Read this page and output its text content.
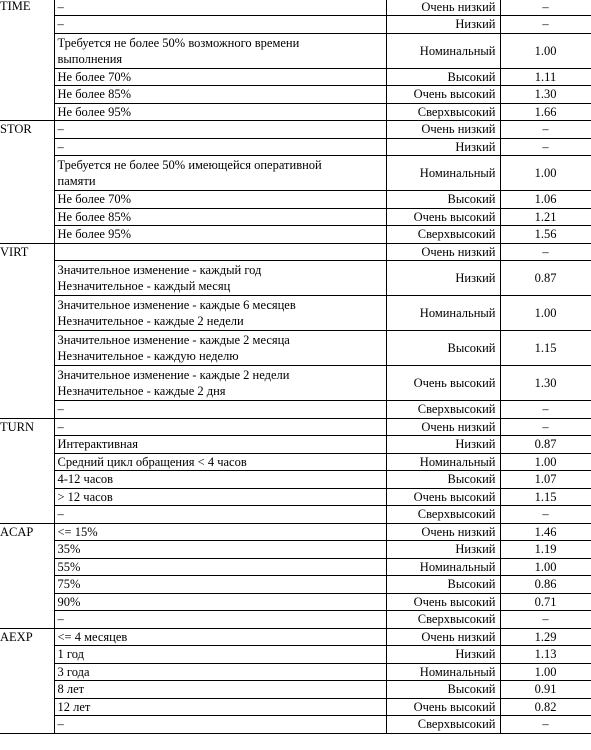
TIME	–	Очень низкий	–

	–	Низкий	–

	Требуется не более 50% возможного времени
выполнения	Номинальный	1.00

	Не более 70%	Высокий	1.11

	Не более 85%	Очень высокий	1.30

	Не более 95%	Сверхвысокий	1.66
STOR	–	Очень низкий	–

	–	Низкий	–

	Требуется не более 50% имеющейся оперативной
памяти	Номинальный	1.00

	Не более 70%	Высокий	1.06

	Не более 85%	Очень высокий	1.21

	Не более 95%	Сверхвысокий	1.56
VIRT		Очень низкий	–

	Значительное изменение - каждый год
Незначительное - каждый месяц	Низкий	0.87

	Значительное изменение - каждые 6 месяцев
Незначительное - каждые 2 недели	Номинальный	1.00

	Значительное изменение - каждые 2 месяца
Незначительное - каждую неделю	Высокий	1.15

	Значительное изменение - каждые 2 недели
Незначительное - каждые 2 дня	Очень высокий	1.30

	–	Сверхвысокий	–
TURN	–	Очень низкий	–

	Интерактивная	Низкий	0.87

	Средний цикл обращения < 4 часов	Номинальный	1.00

	4-12 часов	Высокий	1.07

	> 12 часов	Очень высокий	1.15

	–	Сверхвысокий	–
ACAP	<= 15%	Очень низкий	1.46

	35%	Низкий	1.19

	55%	Номинальный	1.00

	75%	Высокий	0.86

	90%	Очень высокий	0.71

	–	Сверхвысокий	–
AEXP	<= 4 месяцев	Очень низкий	1.29

	1 год	Низкий	1.13

	3 года	Номинальный	1.00

	8 лет	Высокий	0.91

	12 лет	Очень высокий	0.82

	–	Сверхвысокий	–
